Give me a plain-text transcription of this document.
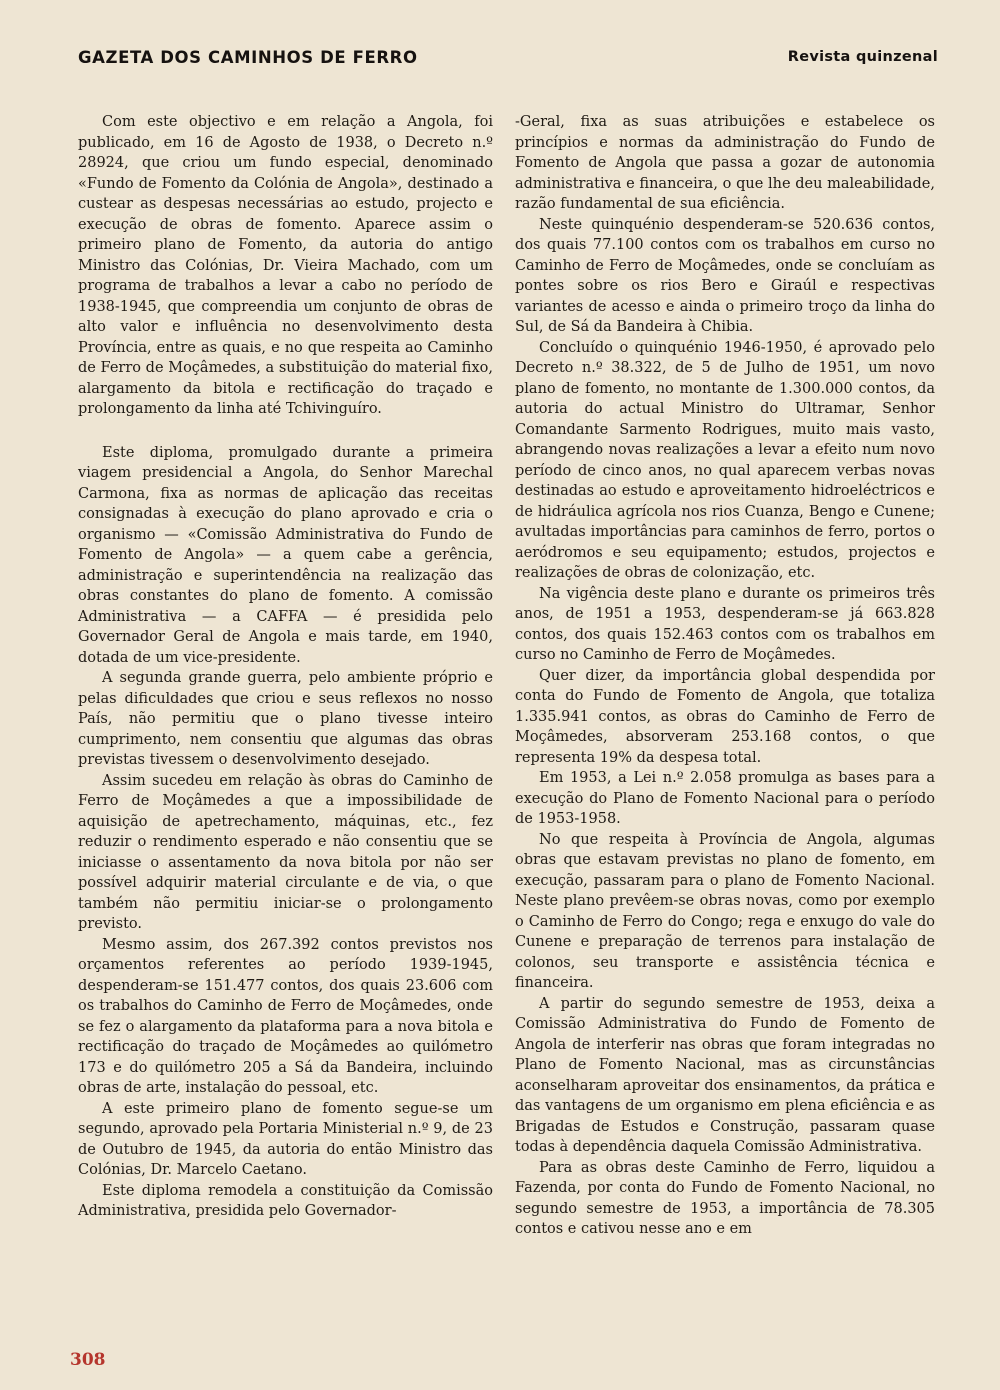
GAZETA DOS CAMINHOS DE FERRO	Revista quinzenal

Com este objectivo e em relação a Angola, foi publicado, em 16 de Agosto de 1938, o Decreto n.º 28924, que criou um fundo especial, denominado «Fundo de Fomento da Colónia de Angola», destinado a custear as despesas necessárias ao estudo, projecto e execução de obras de fomento. Aparece assim o primeiro plano de Fomento, da autoria do antigo Ministro das Colónias, Dr. Vieira Machado, com um programa de trabalhos a levar a cabo no período de 1938-1945, que compreendia um conjunto de obras de alto valor e influência no desenvolvimento desta Província, entre as quais, e no que respeita ao Caminho de Ferro de Moçâmedes, a substituição do material fixo, alargamento da bitola e rectificação do traçado e prolongamento da linha até Tchivinguíro.

Este diploma, promulgado durante a primeira viagem presidencial a Angola, do Senhor Marechal Carmona, fixa as normas de aplicação das receitas consignadas à execução do plano aprovado e cria o organismo — «Comissão Administrativa do Fundo de Fomento de Angola» — a quem cabe a gerência, administração e superintendência na realização das obras constantes do plano de fomento. A comissão Administrativa — a CAFFA — é presidida pelo Governador Geral de Angola e mais tarde, em 1940, dotada de um vice-presidente.

A segunda grande guerra, pelo ambiente próprio e pelas dificuldades que criou e seus reflexos no nosso País, não permitiu que o plano tivesse inteiro cumprimento, nem consentiu que algumas das obras previstas tivessem o desenvolvimento desejado.

Assim sucedeu em relação às obras do Caminho de Ferro de Moçâmedes a que a impossibilidade de aquisição de apetrechamento, máquinas, etc., fez reduzir o rendimento esperado e não consentiu que se iniciasse o assentamento da nova bitola por não ser possível adquirir material circulante e de via, o que também não permitiu iniciar-se o prolongamento previsto.

Mesmo assim, dos 267.392 contos previstos nos orçamentos referentes ao período 1939-1945, despenderam-se 151.477 contos, dos quais 23.606 com os trabalhos do Caminho de Ferro de Moçâmedes, onde se fez o alargamento da plataforma para a nova bitola e rectificação do traçado de Moçâmedes ao quilómetro 173 e do quilómetro 205 a Sá da Bandeira, incluindo obras de arte, instalação do pessoal, etc.

A este primeiro plano de fomento segue-se um segundo, aprovado pela Portaria Ministerial n.º 9, de 23 de Outubro de 1945, da autoria do então Ministro das Colónias, Dr. Marcelo Caetano.

Este diploma remodela a constituição da Comissão Administrativa, presidida pelo Governador-

-Geral, fixa as suas atribuições e estabelece os princípios e normas da administração do Fundo de Fomento de Angola que passa a gozar de autonomia administrativa e financeira, o que lhe deu maleabilidade, razão fundamental de sua eficiência.

Neste quinquénio despenderam-se 520.636 contos, dos quais 77.100 contos com os trabalhos em curso no Caminho de Ferro de Moçâmedes, onde se concluíam as pontes sobre os rios Bero e Giraúl e respectivas variantes de acesso e ainda o primeiro troço da linha do Sul, de Sá da Bandeira à Chibia.

Concluído o quinquénio 1946-1950, é aprovado pelo Decreto n.º 38.322, de 5 de Julho de 1951, um novo plano de fomento, no montante de 1.300.000 contos, da autoria do actual Ministro do Ultramar, Senhor Comandante Sarmento Rodrigues, muito mais vasto, abrangendo novas realizações a levar a efeito num novo período de cinco anos, no qual aparecem verbas novas destinadas ao estudo e aproveitamento hidroeléctricos e de hidráulica agrícola nos rios Cuanza, Bengo e Cunene; avultadas importâncias para caminhos de ferro, portos o aeródromos e seu equipamento; estudos, projectos e realizações de obras de colonização, etc.

Na vigência deste plano e durante os primeiros três anos, de 1951 a 1953, despenderam-se já 663.828 contos, dos quais 152.463 contos com os trabalhos em curso no Caminho de Ferro de Moçâmedes.

Quer dizer, da importância global despendida por conta do Fundo de Fomento de Angola, que totaliza 1.335.941 contos, as obras do Caminho de Ferro de Moçâmedes, absorveram 253.168 contos, o que representa 19% da despesa total.

Em 1953, a Lei n.º 2.058 promulga as bases para a execução do Plano de Fomento Nacional para o período de 1953-1958.

No que respeita à Província de Angola, algumas obras que estavam previstas no plano de fomento, em execução, passaram para o plano de Fomento Nacional. Neste plano prevêem-se obras novas, como por exemplo o Caminho de Ferro do Congo; rega e enxugo do vale do Cunene e preparação de terrenos para instalação de colonos, seu transporte e assistência técnica e financeira.

A partir do segundo semestre de 1953, deixa a Comissão Administrativa do Fundo de Fomento de Angola de interferir nas obras que foram integradas no Plano de Fomento Nacional, mas as circunstâncias aconselharam aproveitar dos ensinamentos, da prática e das vantagens de um organismo em plena eficiência e as Brigadas de Estudos e Construção, passaram quase todas à dependência daquela Comissão Administrativa.

Para as obras deste Caminho de Ferro, liquidou a Fazenda, por conta do Fundo de Fomento Nacional, no segundo semestre de 1953, a importância de 78.305 contos e cativou nesse ano e em

308
